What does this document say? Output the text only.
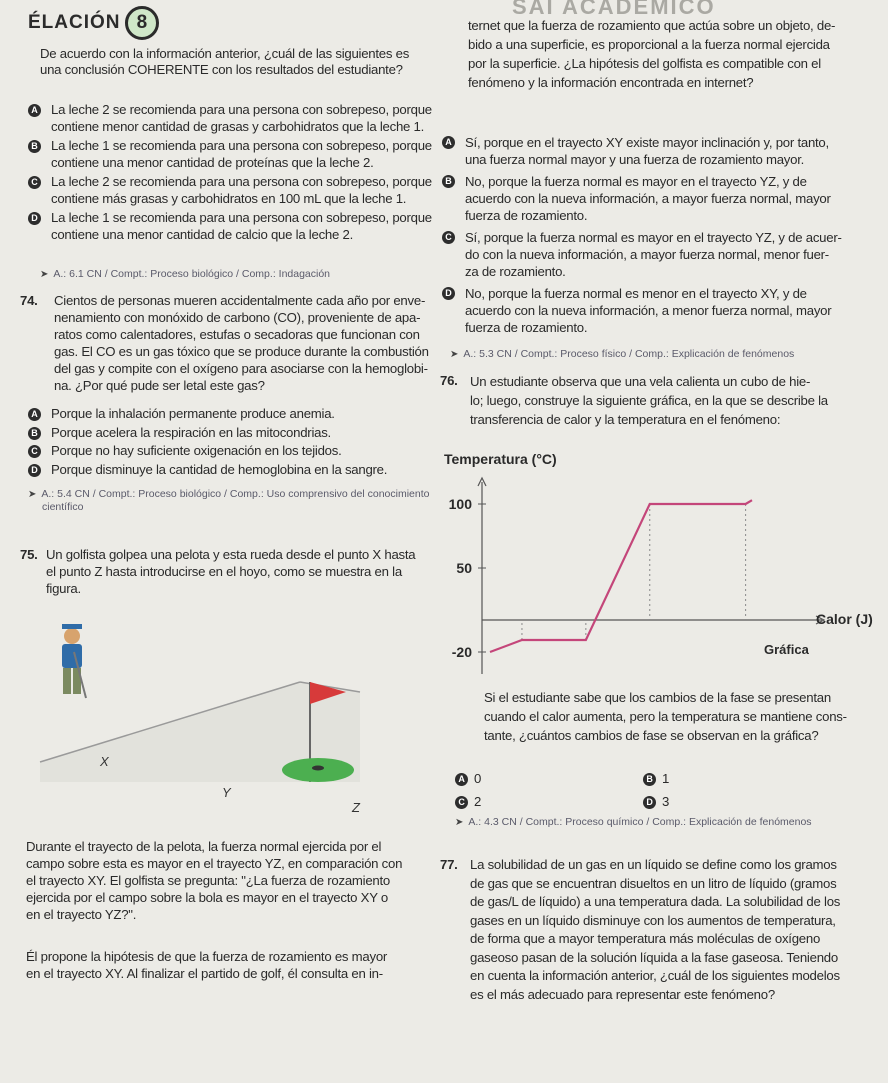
ÉLACIÓN 8
SAI ACADEMICO
De acuerdo con la información anterior, ¿cuál de las siguientes es
una conclusión COHERENTE con los resultados del estudiante?
A La leche 2 se recomienda para una persona con sobrepeso, porque
contiene menor cantidad de grasas y carbohidratos que la leche 1.
B La leche 1 se recomienda para una persona con sobrepeso, porque
contiene una menor cantidad de proteínas que la leche 2.
C La leche 2 se recomienda para una persona con sobrepeso, porque
contiene más grasas y carbohidratos en 100 mL que la leche 1.
D La leche 1 se recomienda para una persona con sobrepeso, porque
contiene una menor cantidad de calcio que la leche 2.
➤ A.: 6.1 CN / Compt.: Proceso biológico / Comp.: Indagación
74.	Cientos de personas mueren accidentalmente cada año por enve-
nenamiento con monóxido de carbono (CO), proveniente de apa-
ratos como calentadores, estufas o secadoras que funcionan con
gas. El CO es un gas tóxico que se produce durante la combustión
del gas y compite con el oxígeno para asociarse con la hemoglobi-
na. ¿Por qué pude ser letal este gas?
A Porque la inhalación permanente produce anemia.
B Porque acelera la respiración en las mitocondrias.
C Porque no hay suficiente oxigenación en los tejidos.
D Porque disminuye la cantidad de hemoglobina en la sangre.
➤ A.: 5.4 CN / Compt.: Proceso biológico / Comp.: Uso comprensivo del conocimiento
científico
75. Un golfista golpea una pelota y esta rueda desde el punto X hasta
el punto Z hasta introducirse en el hoyo, como se muestra en la
figura.
X
Y
Z
Durante el trayecto de la pelota, la fuerza normal ejercida por el
campo sobre esta es mayor en el trayecto YZ, en comparación con
el trayecto XY. El golfista se pregunta: "¿La fuerza de rozamiento
ejercida por el campo sobre la bola es mayor en el trayecto XY o
en el trayecto YZ?".
Él propone la hipótesis de que la fuerza de rozamiento es mayor
en el trayecto XY. Al finalizar el partido de golf, él consulta en in-
ternet que la fuerza de rozamiento que actúa sobre un objeto, de-
bido a una superficie, es proporcional a la fuerza normal ejercida
por la superficie. ¿La hipótesis del golfista es compatible con el
fenómeno y la información encontrada en internet?
A Sí, porque en el trayecto XY existe mayor inclinación y, por tanto,
una fuerza normal mayor y una fuerza de rozamiento mayor.
B No, porque la fuerza normal es mayor en el trayecto YZ, y de
acuerdo con la nueva información, a mayor fuerza normal, mayor
fuerza de rozamiento.
C Sí, porque la fuerza normal es mayor en el trayecto YZ, y de acuer-
do con la nueva información, a mayor fuerza normal, menor fuer-
za de rozamiento.
D No, porque la fuerza normal es menor en el trayecto XY, y de
acuerdo con la nueva información, a menor fuerza normal, mayor
fuerza de rozamiento.
➤ A.: 5.3 CN / Compt.: Proceso físico / Comp.: Explicación de fenómenos
76. Un estudiante observa que una vela calienta un cubo de hie-
lo; luego, construye la siguiente gráfica, en la que se describe la
transferencia de calor y la temperatura en el fenómeno:
Temperatura (°C)
100
50
-20
Calor (J)
Gráfica
Si el estudiante sabe que los cambios de la fase se presentan
cuando el calor aumenta, pero la temperatura se mantiene cons-
tante, ¿cuántos cambios de fase se observan en la gráfica?
A 0	B 1
C 2	D 3
➤ A.: 4.3 CN / Compt.: Proceso químico / Comp.: Explicación de fenómenos
77. La solubilidad de un gas en un líquido se define como los gramos
de gas que se encuentran disueltos en un litro de líquido (gramos
de gas/L de líquido) a una temperatura dada. La solubilidad de los
gases en un líquido disminuye con los aumentos de temperatura,
de forma que a mayor temperatura más moléculas de oxígeno
gaseoso pasan de la solución líquida a la fase gaseosa. Teniendo
en cuenta la información anterior, ¿cuál de los siguientes modelos
es el más adecuado para representar este fenómeno?
